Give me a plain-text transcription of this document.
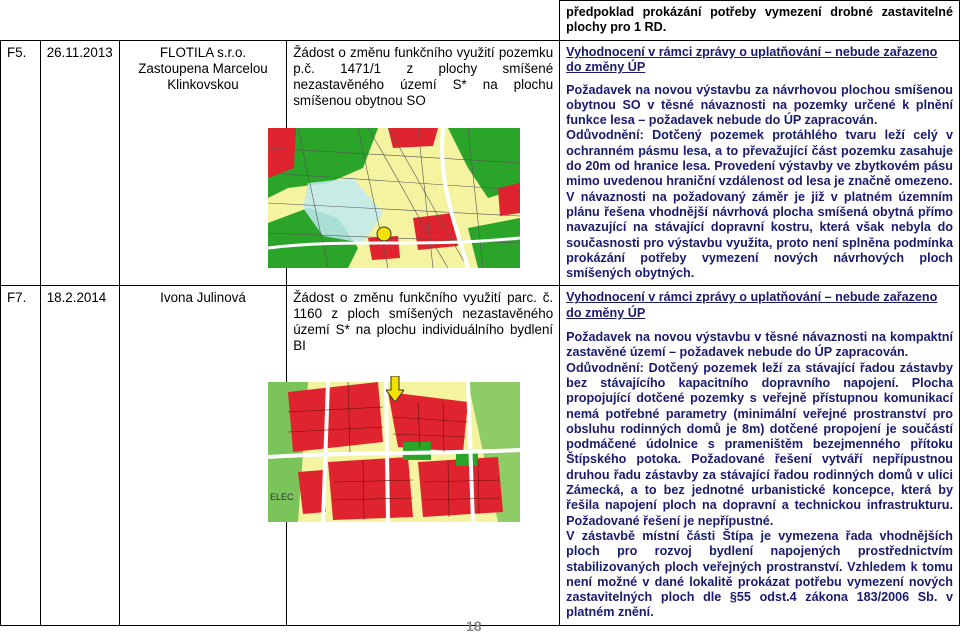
				předpoklad prokázání potřeby vymezení drobné zastavitelné plochy pro 1 RD.
F5.	26.11.2013	FLOTILA s.r.o. Zastoupena Marcelou Klinkovskou	Žádost o změnu funkčního využití pozemku p.č. 1471/1 z plochy smíšené nezastavěného území S* na plochu smíšenou obytnou SO	Vyhodnocení v rámci zprávy o uplatňování – nebude zařazeno do změny ÚP
Požadavek na novou výstavbu za návrhovou plochou smíšenou obytnou SO v těsné návaznosti na pozemky určené k plnění funkce lesa – požadavek nebude do ÚP zapracován.
Odůvodnění: Dotčený pozemek protáhlého tvaru leží celý v ochranném pásmu lesa, a to převažující část pozemku zasahuje do 20m od hranice lesa. Provedení výstavby ve zbytkovém pásu mimo uvedenou hraniční vzdálenost od lesa je značně omezeno.
V návaznosti na požadovaný záměr je již v platném územním plánu řešena vhodnější návrhová plocha smíšená obytná přímo navazující na stávající dopravní kostru, která však nebyla do současnosti pro výstavbu využita, proto není splněna podmínka prokázání potřeby vymezení nových návrhových ploch smíšených obytných.

F7.	18.2.2014	Ivona Julinová	Žádost o změnu funkčního využití parc. č. 1160 z ploch smíšených nezastavěného území S* na plochu individuálního bydlení BI	Vyhodnocení v rámci zprávy o uplatňování – nebude zařazeno do změny ÚP
Požadavek na novou výstavbu v těsné návaznosti na kompaktní zastavěné území – požadavek nebude do ÚP zapracován.
Odůvodnění: Dotčený pozemek leží za stávající řadou zástavby bez stávajícího kapacitního dopravního napojení. Plocha propojující dotčené pozemky s veřejně přístupnou komunikací nemá potřebné parametry (minimální veřejné prostranství pro obsluhu rodinných domů je 8m) dotčené propojení je součástí podmáčené údolnice s prameništěm bezejmenného přítoku Štípského potoka. Požadované řešení vytváří nepřípustnou druhou řadu zástavby za stávající řadou rodinných domů v ulici Zámecká, a to bez jednotné urbanistické koncepce, která by řešila napojení ploch na dopravní a technickou infrastrukturu. Požadované řešení je nepřípustné.
V zástavbě místní části Štípa je vymezena řada vhodnějších ploch pro rozvoj bydlení napojených prostřednictvím stabilizovaných ploch veřejných prostranství. Vzhledem k tomu není možné v dané lokalitě prokázat potřebu vymezení nových zastavitelných ploch dle §55 odst.4 zákona 183/2006 Sb. v platném znění.
ELEC
18
